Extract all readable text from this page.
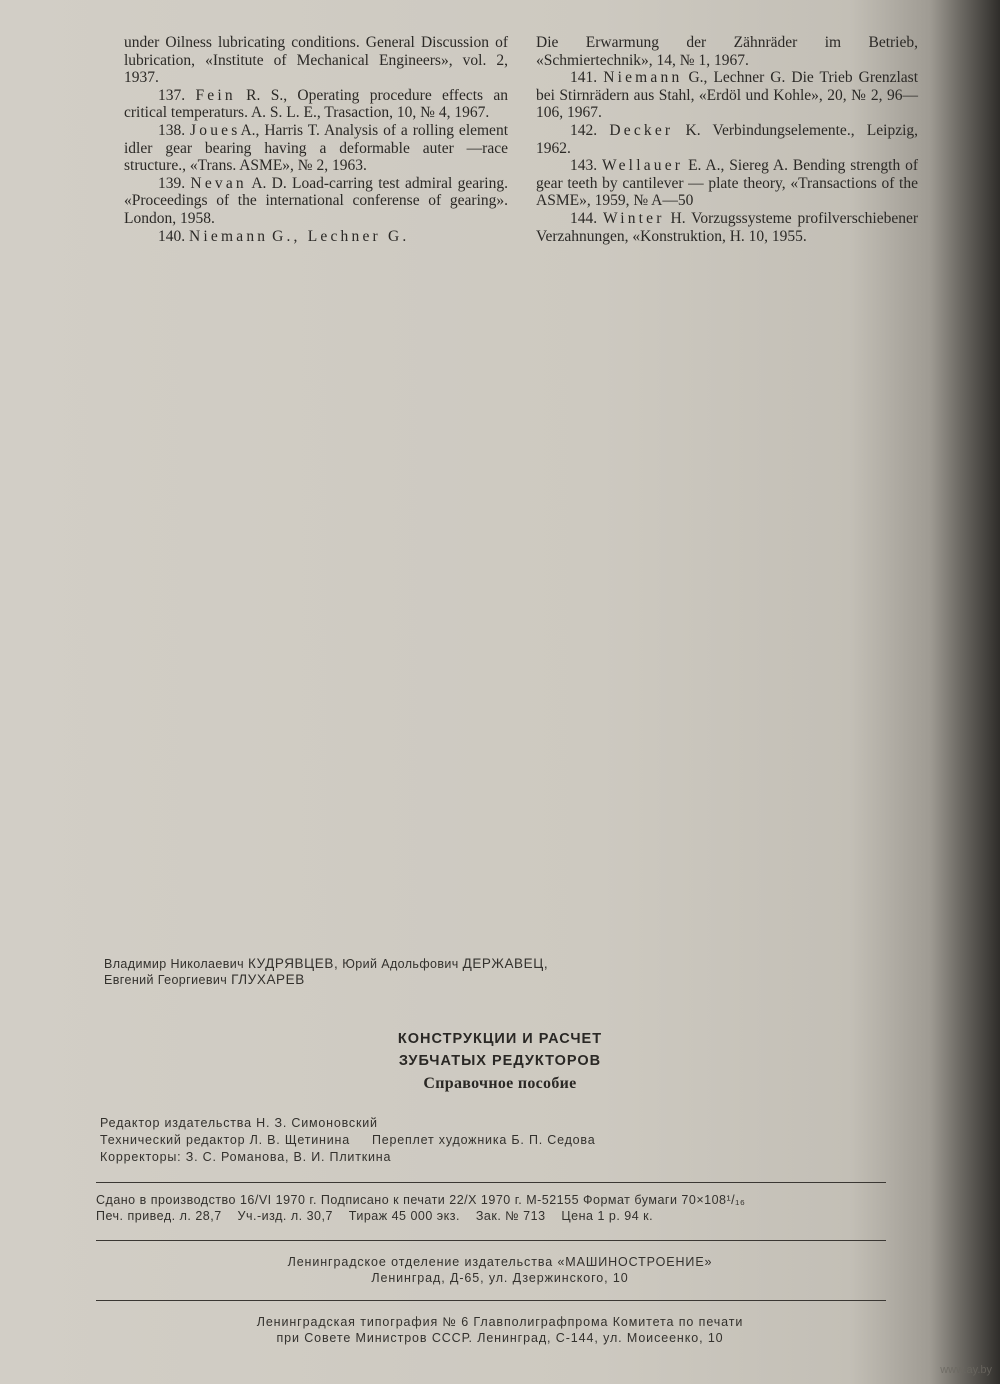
under Oilness lubricating conditions. General Discussion of lubrication, «Institute of Mechanical Engineers», vol. 2, 1937.

137. Fein R. S., Operating procedure effects an critical temperaturs. A. S. L. E., Trasaction, 10, № 4, 1967.

138. JouesA., Harris T. Analysis of a rolling element idler gear bearing having a deformable auter —race structure., «Trans. ASME», № 2, 1963.

139. Nevan A. D. Load-carring test admiral gearing. «Proceedings of the international conferense of gearing». London, 1958.

140. Niemann G., Lechner G.

Die Erwarmung der Zähnräder im Betrieb, «Schmiertechnik», 14, № 1, 1967.

141. Niemann G., Lechner G. Die Trieb Grenzlast bei Stirnrädern aus Stahl, «Erdöl und Kohle», 20, № 2, 96—106, 1967.

142. Decker K. Verbindungselemente., Leipzig, 1962.

143. Wellauer E. A., Siereg A. Bending strength of gear teeth by cantilever — plate theory, «Transactions of the ASME», 1959, № A—50

144. Winter H. Vorzugssysteme profilverschiebener Verzahnungen, «Konstruktion, H. 10, 1955.

Владимир Николаевич КУДРЯВЦЕВ, Юрий Адольфович ДЕРЖАВЕЦ,
Евгений Георгиевич ГЛУХАРЕВ
КОНСТРУКЦИИ И РАСЧЕТ
ЗУБЧАТЫХ РЕДУКТОРОВ
Справочное пособие
Редактор издательства Н. З. Симоновский
Технический редактор Л. В. Щетинина Переплет художника Б. П. Седова
Корректоры: З. С. Романова, В. И. Плиткина
Сдано в производство 16/VI 1970 г. Подписано к печати 22/X 1970 г. М-52155 Формат бумаги 70×108¹/₁₆
Печ. привед. л. 28,7    Уч.-изд. л. 30,7    Тираж 45 000 экз.    Зак. № 713    Цена 1 р. 94 к.
Ленинградское отделение издательства «МАШИНОСТРОЕНИЕ»
Ленинград, Д-65, ул. Дзержинского, 10
Ленинградская типография № 6 Главполиграфпрома Комитета по печати
при Совете Министров СССР. Ленинград, С-144, ул. Моисеенко, 10
www.ay.by
